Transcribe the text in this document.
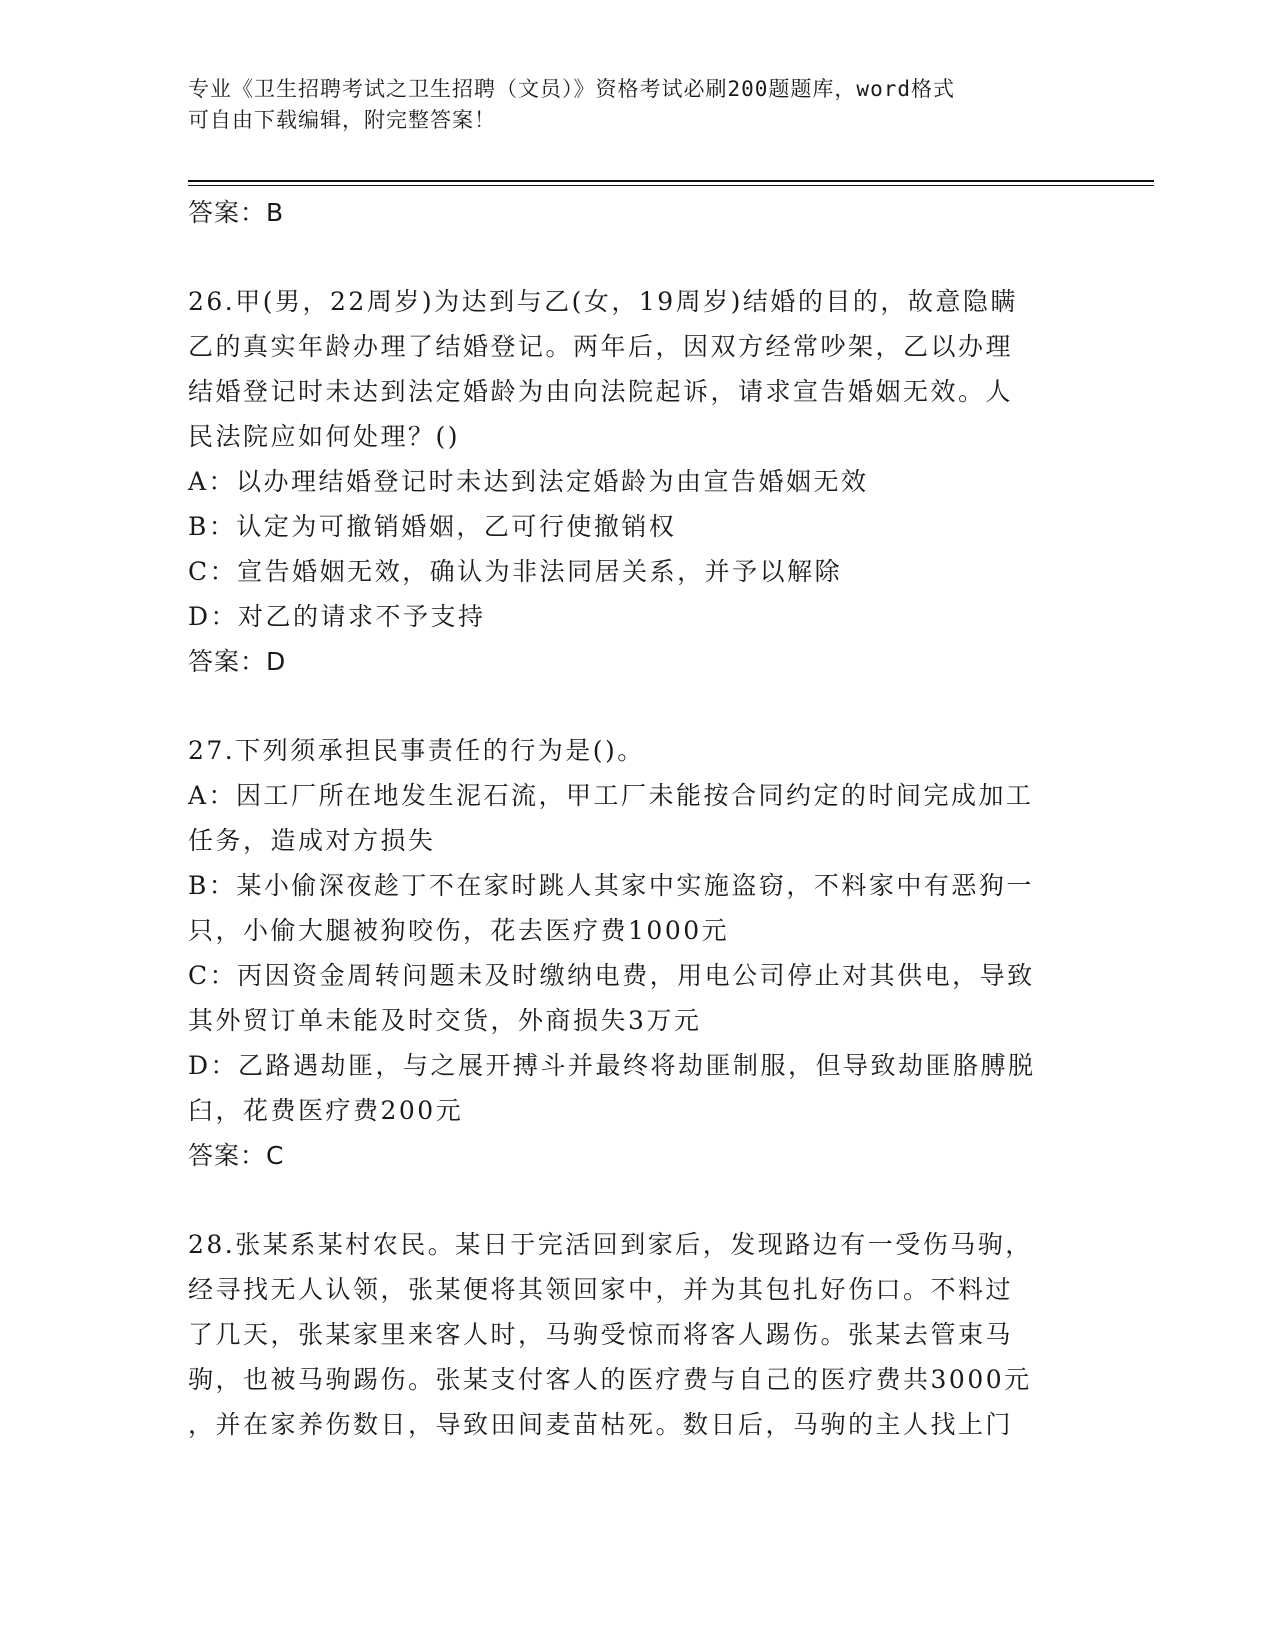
专业《卫生招聘考试之卫生招聘（文员）》资格考试必刷200题题库，word格式
可自由下载编辑，附完整答案！
答案：B
26.甲(男，22周岁)为达到与乙(女，19周岁)结婚的目的，故意隐瞒
乙的真实年龄办理了结婚登记。两年后，因双方经常吵架，乙以办理
结婚登记时未达到法定婚龄为由向法院起诉，请求宣告婚姻无效。人
民法院应如何处理？()
A：以办理结婚登记时未达到法定婚龄为由宣告婚姻无效
B：认定为可撤销婚姻，乙可行使撤销权
C：宣告婚姻无效，确认为非法同居关系，并予以解除
D：对乙的请求不予支持
答案：D
27.下列须承担民事责任的行为是()。
A：因工厂所在地发生泥石流，甲工厂未能按合同约定的时间完成加工
任务，造成对方损失
B：某小偷深夜趁丁不在家时跳人其家中实施盗窃，不料家中有恶狗一
只，小偷大腿被狗咬伤，花去医疗费1000元
C：丙因资金周转问题未及时缴纳电费，用电公司停止对其供电，导致
其外贸订单未能及时交货，外商损失3万元
D：乙路遇劫匪，与之展开搏斗并最终将劫匪制服，但导致劫匪胳膊脱
臼，花费医疗费200元
答案：C
28.张某系某村农民。某日于完活回到家后，发现路边有一受伤马驹，
经寻找无人认领，张某便将其领回家中，并为其包扎好伤口。不料过
了几天，张某家里来客人时，马驹受惊而将客人踢伤。张某去管束马
驹，也被马驹踢伤。张某支付客人的医疗费与自己的医疗费共3000元
，并在家养伤数日，导致田间麦苗枯死。数日后，马驹的主人找上门
